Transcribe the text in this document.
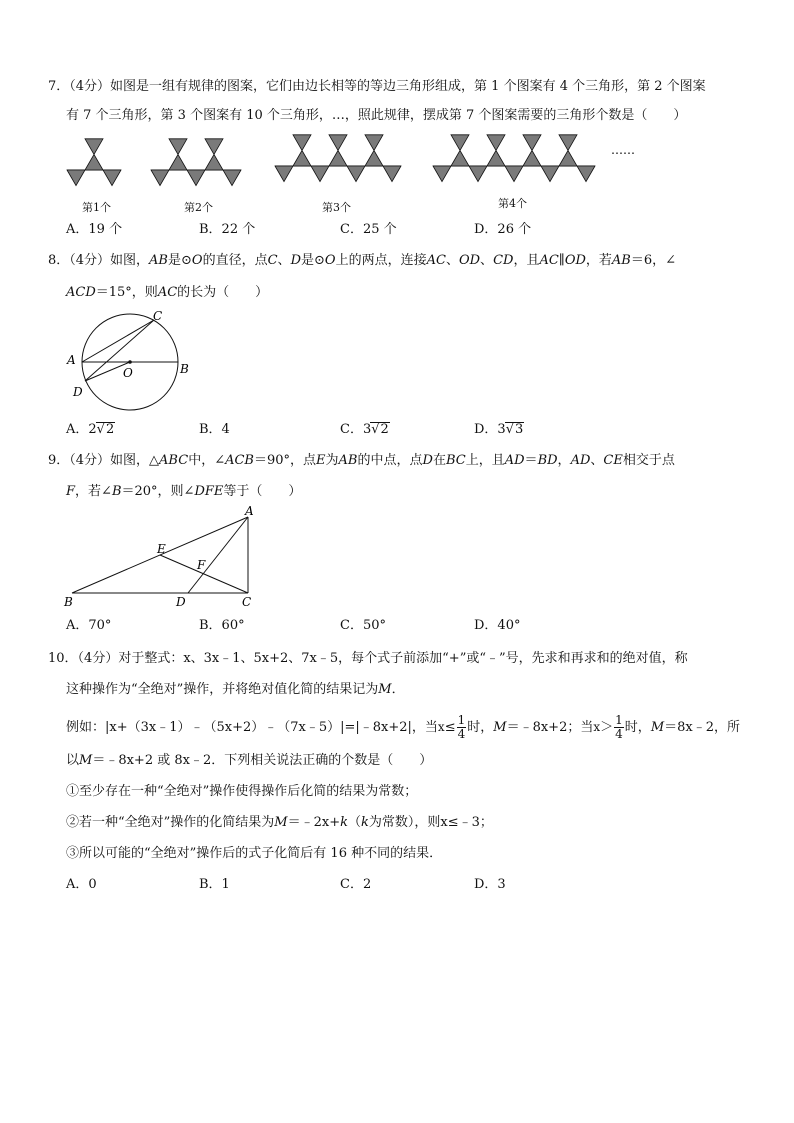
7．（4分）如图是一组有规律的图案，它们由边长相等的等边三角形组成，第 1 个图案有 4 个三角形，第 2 个图案
有 7 个三角形，第 3 个图案有 10 个三角形，…，照此规律，摆成第 7 个图案需要的三角形个数是（　　）
……
第1个	第2个	第3个	第4个
A．19 个	B．22 个	C．25 个	D．26 个
8．（4分）如图，AB是⊙O的直径，点C、D是⊙O上的两点，连接AC、OD、CD，且AC∥OD，若AB＝6，∠
ACD＝15°，则AC的长为（　　）
A
B
C
D
O
A．2√2	B．4	C．3√2	D．3√3
9．（4分）如图，△ABC中，∠ACB＝90°，点E为AB的中点，点D在BC上，且AD＝BD，AD、CE相交于点
F，若∠B＝20°，则∠DFE等于（　　）
A
B	C
D
E
F
A．70°	B．60°	C．50°	D．40°
10．（4分）对于整式：x、3x﹣1、5x+2、7x﹣5，每个式子前添加“+”或“﹣”号，先求和再求和的绝对值，称
这种操作为“全绝对”操作，并将绝对值化简的结果记为M．
例如：|x+（3x﹣1）﹣（5x+2）﹣（7x﹣5）|=|﹣8x+2|，当$x\le \frac{1}{4}$ 时，M＝﹣8x+2；当$x> \frac{1}{4}$ 时，M＝8x﹣2，所
以M＝﹣8x+2 或 8x﹣2．下列相关说法正确的个数是（　　）
①至少存在一种“全绝对”操作使得操作后化简的结果为常数；
②若一种“全绝对”操作的化简结果为M＝﹣2x+k（k为常数），则x≤﹣3；
③所以可能的“全绝对”操作后的式子化简后有 16 种不同的结果．
A．0	B．1	C．2	D．3
